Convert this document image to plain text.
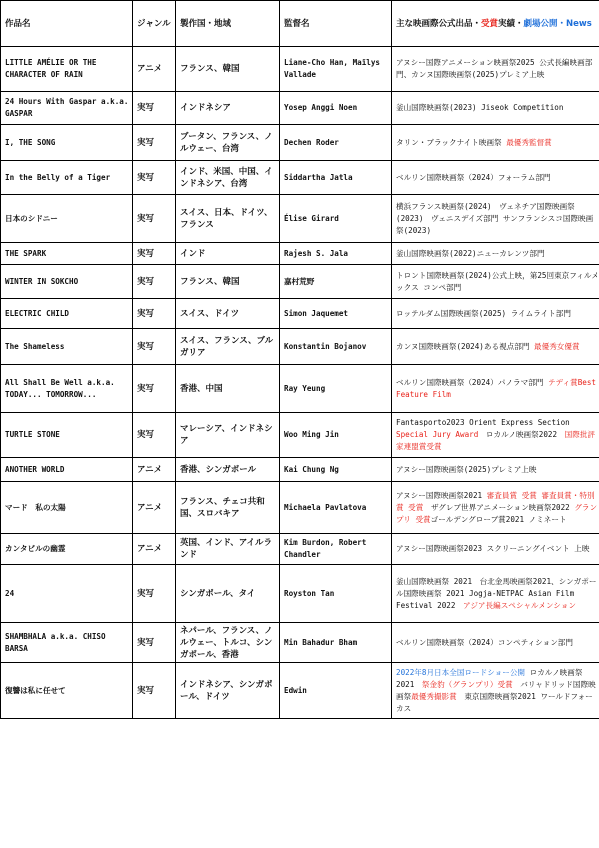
作品名	ジャンル	製作国・地域	監督名	主な映画際公式出品・受賞実績・劇場公開・News

LITTLE AMÉLIE OR THE CHARACTER OF RAIN	アニメ	フランス、韓国	Liane-Cho Han, Maïlys Vallade	アヌシー国際アニメーション映画祭2025 公式長編映画部門、カンヌ国際映画祭(2025)プレミア上映

24 Hours With Gaspar a.k.a. GASPAR	実写	インドネシア	Yosep Anggi Noen	釜山国際映画祭(2023) Jiseok Competition

I, THE SONG	実写	ブータン、フランス、ノルウェー、台湾	Dechen Roder	タリン・ブラックナイト映画祭 最優秀監督賞

In the Belly of a Tiger	実写	インド、米国、中国、インドネシア、台湾	Siddartha Jatla	ベルリン国際映画祭（2024）フォーラム部門

日本のシドニー	実写	スイス、日本、ドイツ、フランス	Élise Girard	横浜フランス映画祭(2024)　ヴェネチア国際映画祭(2023)　ヴェニスデイズ部門 サンフランシスコ国際映画祭(2023)

THE SPARK	実写	インド	Rajesh S. Jala	釜山国際映画祭(2022)ニューカレンツ部門

WINTER IN SOKCHO	実写	フランス、韓国	嘉村荒野	トロント国際映画祭(2024)公式上映，第25回東京フィルメックス コンペ部門

ELECTRIC CHILD	実写	スイス、ドイツ	Simon Jaquemet	ロッテルダム国際映画祭(2025) ライムライト部門

The Shameless	実写	スイス、フランス、ブルガリア	Konstantin Bojanov	カンヌ国際映画祭(2024)ある視点部門 最優秀女優賞

All Shall Be Well a.k.a. TODAY... TOMORROW...	実写	香港、中国	Ray Yeung	ベルリン国際映画祭（2024）パノラマ部門 テディ賞Best Feature Film

TURTLE STONE	実写	マレーシア、インドネシア	Woo Ming Jin	Fantasporto2023 Orient Express Section Special Jury Award　ロカルノ映画祭2022　国際批評家連盟賞受賞

ANOTHER WORLD	アニメ	香港、シンガポール	Kai Chung Ng	アヌシー国際映画祭(2025)プレミア上映

マード　私の太陽	アニメ	フランス、チェコ共和国、スロバキア	Michaela Pavlatova	アヌシー国際映画祭2021 審査員賞 受賞 審査員賞・特別賞 受賞　ザグレブ世界アニメーション映画祭2022 グランプリ 受賞ゴールデングローブ賞2021 ノミネート

カンタビルの幽霊	アニメ	英国、インド、アイルランド	Kim Burdon, Robert Chandler	アヌシー国際映画祭2023 スクリーニングイベント 上映

24	実写	シンガポール、タイ	Royston Tan	釜山国際映画祭 2021　台北金馬映画祭2021、シンガポール国際映画祭 2021 Jogja-NETPAC Asian Film Festival 2022　アジア長編スペシャルメンション

SHAMBHALA a.k.a. CHISO BARSA	実写	ネパール、フランス、ノルウェー、トルコ、シンガポール、香港	Min Bahadur Bham	ベルリン国際映画祭（2024）コンペティション部門

復讐は私に任せて	実写	インドネシア、シンガポール、ドイツ	Edwin	2022年8月日本全国ロードショー公開 ロカルノ映画祭2021　祭金豹（グランプリ）受賞　バリャドリッド国際映画祭最優秀撮影賞　東京国際映画祭2021 ワールドフォーカス
